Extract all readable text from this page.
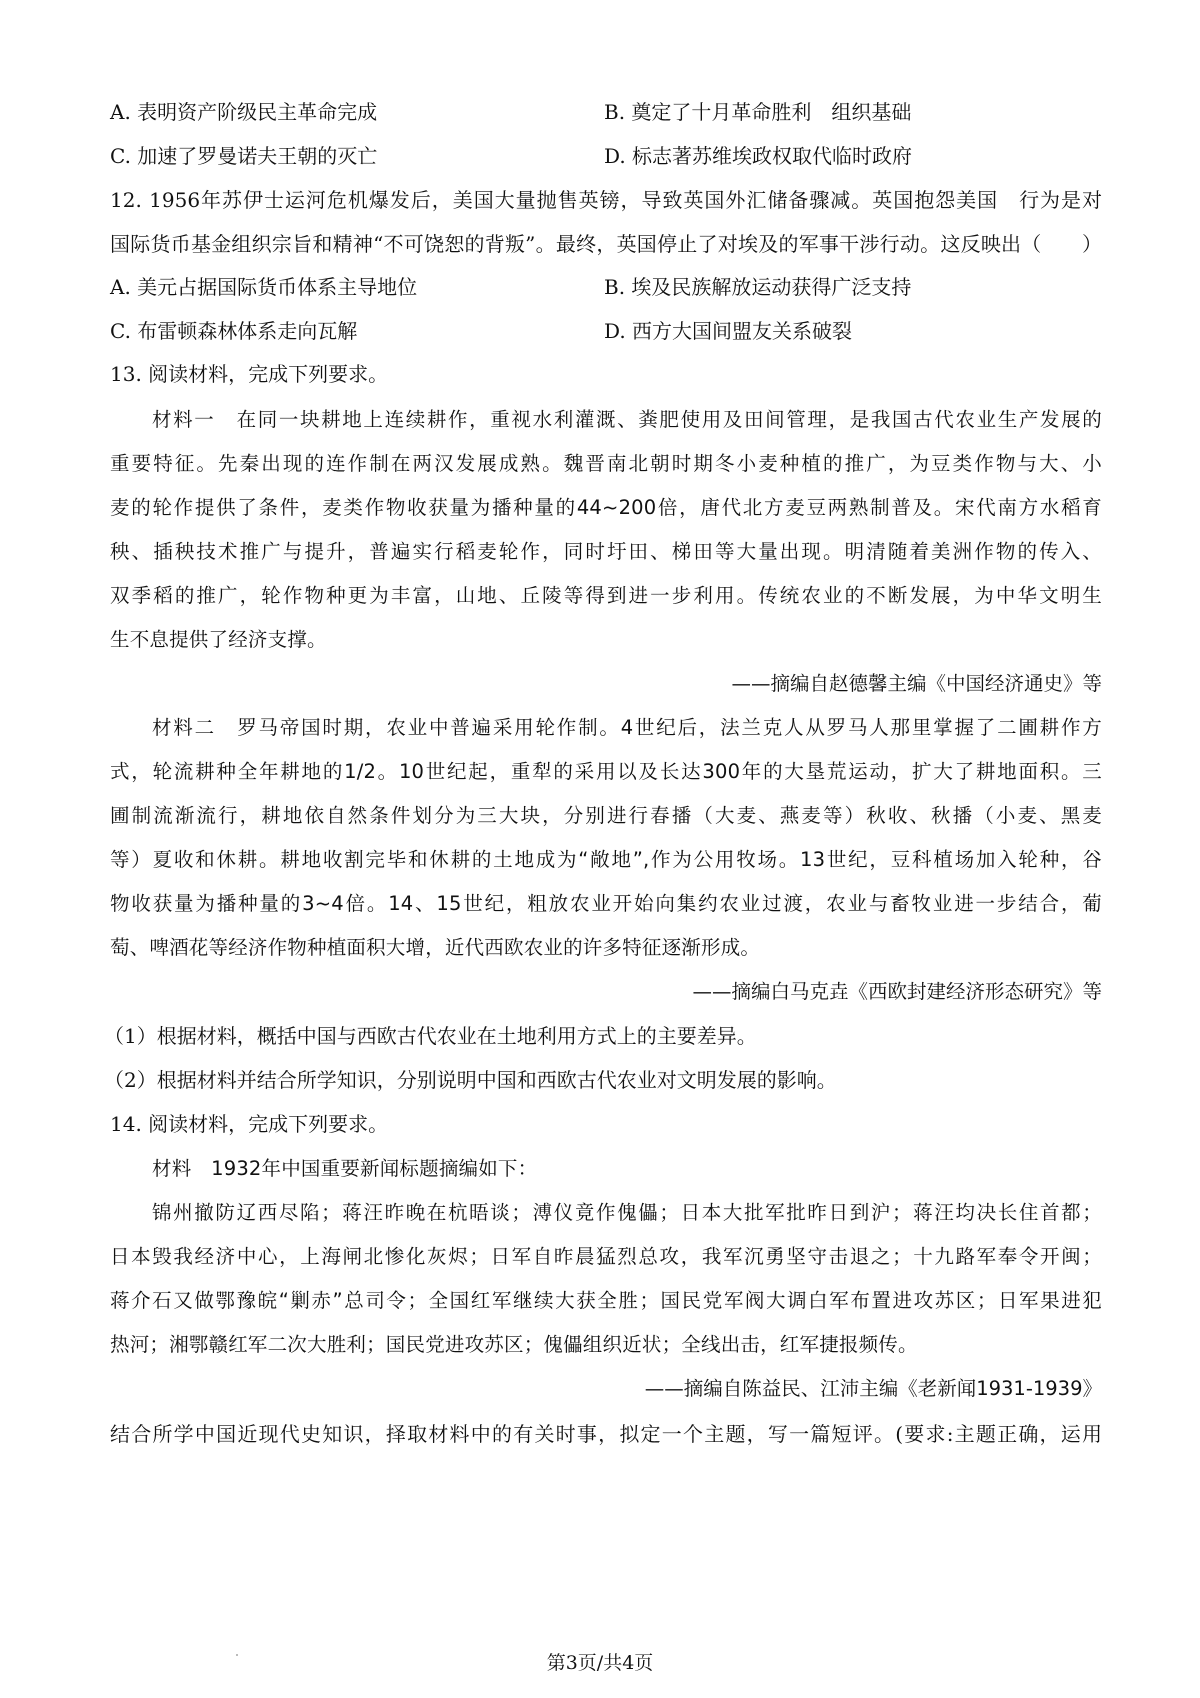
A. 表明资产阶级民主革命完成	B. 奠定了十月革命胜利　组织基础
C. 加速了罗曼诺夫王朝的灭亡	D. 标志著苏维埃政权取代临时政府
12. 1956年苏伊士运河危机爆发后，美国大量抛售英镑，导致英国外汇储备骤减。英国抱怨美国　行为是对
国际货币基金组织宗旨和精神“不可饶恕的背叛”。最终，英国停止了对埃及的军事干涉行动。这反映出（　　）
A. 美元占据国际货币体系主导地位	B. 埃及民族解放运动获得广泛支持
C. 布雷顿森林体系走向瓦解	D. 西方大国间盟友关系破裂
13. 阅读材料，完成下列要求。
材料一　在同一块耕地上连续耕作，重视水利灌溉、粪肥使用及田间管理，是我国古代农业生产发展的
重要特征。先秦出现的连作制在两汉发展成熟。魏晋南北朝时期冬小麦种植的推广，为豆类作物与大、小
麦的轮作提供了条件，麦类作物收获量为播种量的44~200倍，唐代北方麦豆两熟制普及。宋代南方水稻育
秧、插秧技术推广与提升，普遍实行稻麦轮作，同时圩田、梯田等大量出现。明清随着美洲作物的传入、
双季稻的推广，轮作物种更为丰富，山地、丘陵等得到进一步利用。传统农业的不断发展，为中华文明生
生不息提供了经济支撑。
——摘编自赵德馨主编《中国经济通史》等
材料二　罗马帝国时期，农业中普遍采用轮作制。4世纪后，法兰克人从罗马人那里掌握了二圃耕作方
式，轮流耕种全年耕地的1/2。10世纪起，重犁的采用以及长达300年的大垦荒运动，扩大了耕地面积。三
圃制流渐流行，耕地依自然条件划分为三大块，分别进行春播（大麦、燕麦等）秋收、秋播（小麦、黑麦
等）夏收和休耕。耕地收割完毕和休耕的土地成为“敞地”,作为公用牧场。13世纪，豆科植场加入轮种，谷
物收获量为播种量的3~4倍。14、15世纪，粗放农业开始向集约农业过渡，农业与畜牧业进一步结合，葡
萄、啤酒花等经济作物种植面积大增，近代西欧农业的许多特征逐渐形成。
——摘编白马克垚《西欧封建经济形态研究》等
（1）根据材料，概括中国与西欧古代农业在土地利用方式上的主要差异。
（2）根据材料并结合所学知识，分别说明中国和西欧古代农业对文明发展的影响。
14. 阅读材料，完成下列要求。
材料　1932年中国重要新闻标题摘编如下：
锦州撤防辽西尽陷；蒋汪昨晚在杭晤谈；溥仪竟作傀儡；日本大批军批昨日到沪；蒋汪均决长住首都；
日本毁我经济中心，上海闸北惨化灰烬；日军自昨晨猛烈总攻，我军沉勇坚守击退之；十九路军奉令开闽；
蒋介石又做鄂豫皖“剿赤”总司令；全国红军继续大获全胜；国民党军阀大调白军布置进攻苏区；日军果进犯
热河；湘鄂赣红军二次大胜利；国民党进攻苏区；傀儡组织近状；全线出击，红军捷报频传。
——摘编自陈益民、江沛主编《老新闻1931-1939》
结合所学中国近现代史知识，择取材料中的有关时事，拟定一个主题，写一篇短评。(要求:主题正确，运用
第3页/共4页
